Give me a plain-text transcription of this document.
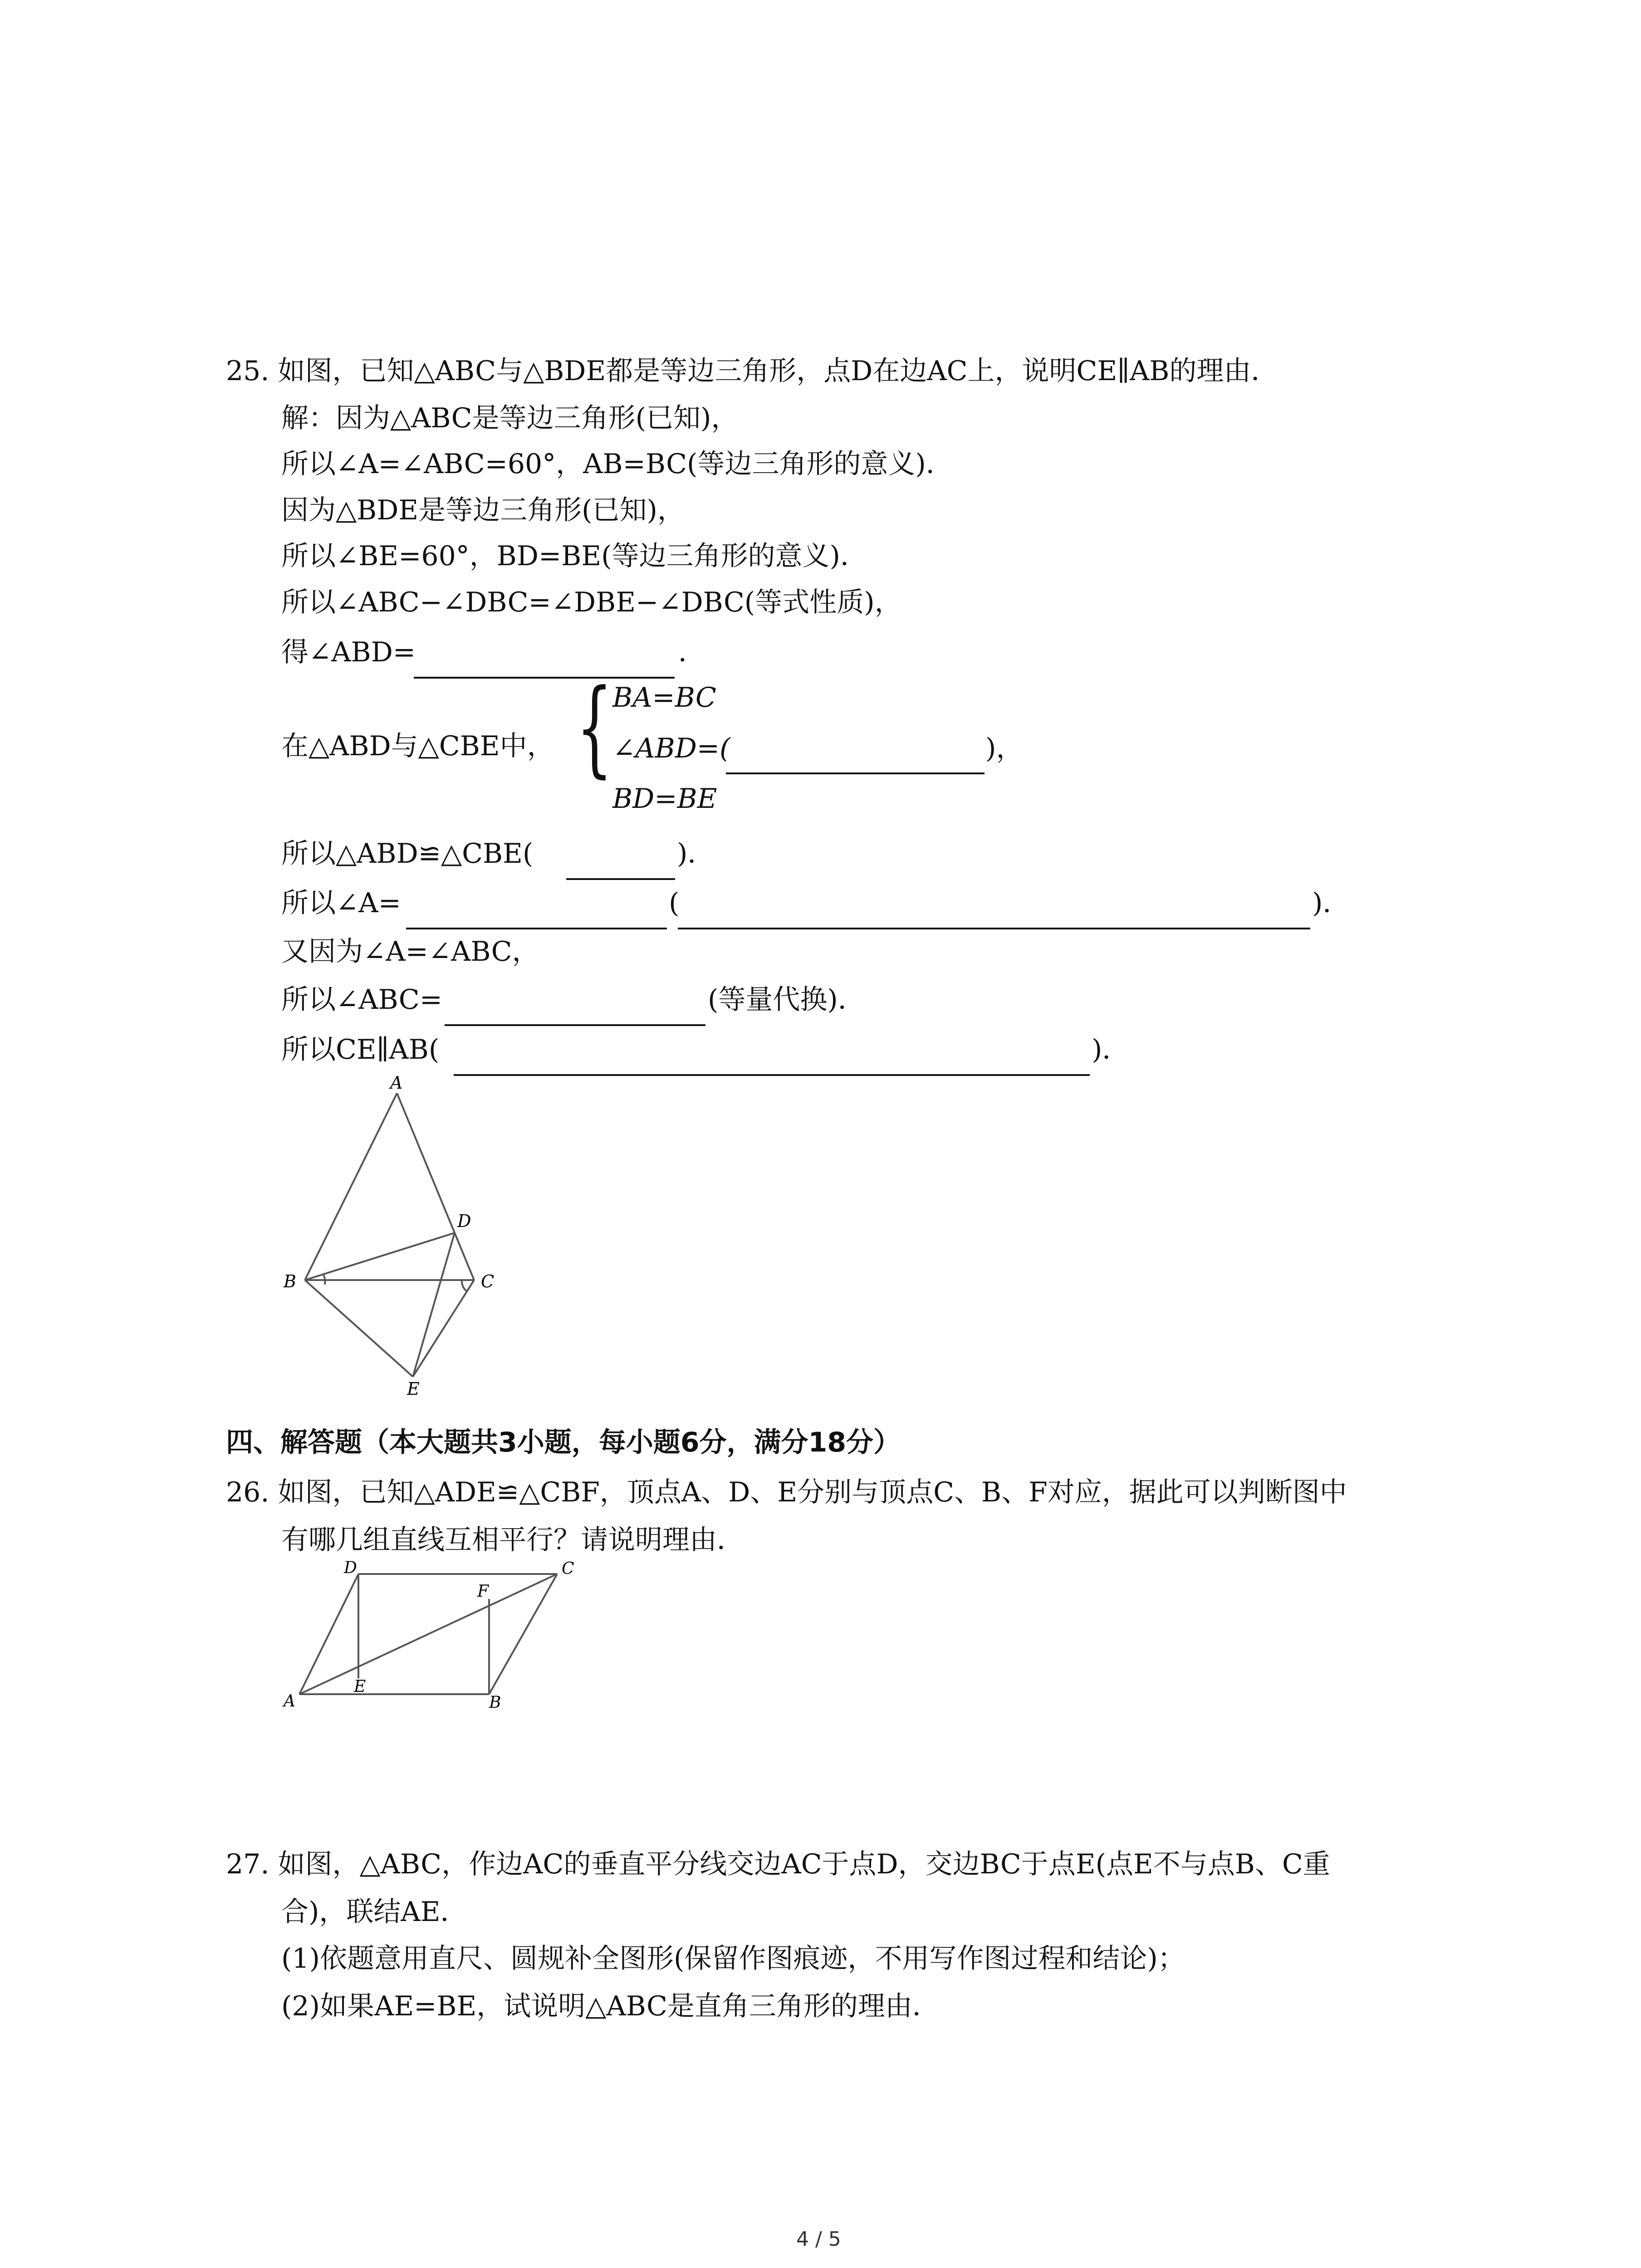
25. 如图，已知△ABC与△BDE都是等边三角形，点D在边AC上，说明CE∥AB的理由．
解：因为△ABC是等边三角形(已知)，
所以∠A=∠ABC=60°，AB=BC(等边三角形的意义)．
因为△BDE是等边三角形(已知)，
所以∠BE=60°，BD=BE(等边三角形的意义)．
所以∠ABC−∠DBC=∠DBE−∠DBC(等式性质)，
得∠ABD=	．
在△ABD与△CBE中， { BA=BC
∠ABD=(	)，
BD=BE
所以△ABD≌△CBE(	)．
所以∠A=	(	)．
又因为∠A=∠ABC，
所以∠ABC=	(等量代换)．
所以CE∥AB(	)．
A
B	C
D
E
四、解答题（本大题共3小题，每小题6分，满分18分）
26. 如图，已知△ADE≌△CBF，顶点A、D、E分别与顶点C、B、F对应，据此可以判断图中
有哪几组直线互相平行？请说明理由．
D	C
F
E
A	B
27. 如图，△ABC，作边AC的垂直平分线交边AC于点D，交边BC于点E(点E不与点B、C重
合)，联结AE．
(1)依题意用直尺、圆规补全图形(保留作图痕迹，不用写作图过程和结论)；
(2)如果AE=BE，试说明△ABC是直角三角形的理由．
4 / 5
